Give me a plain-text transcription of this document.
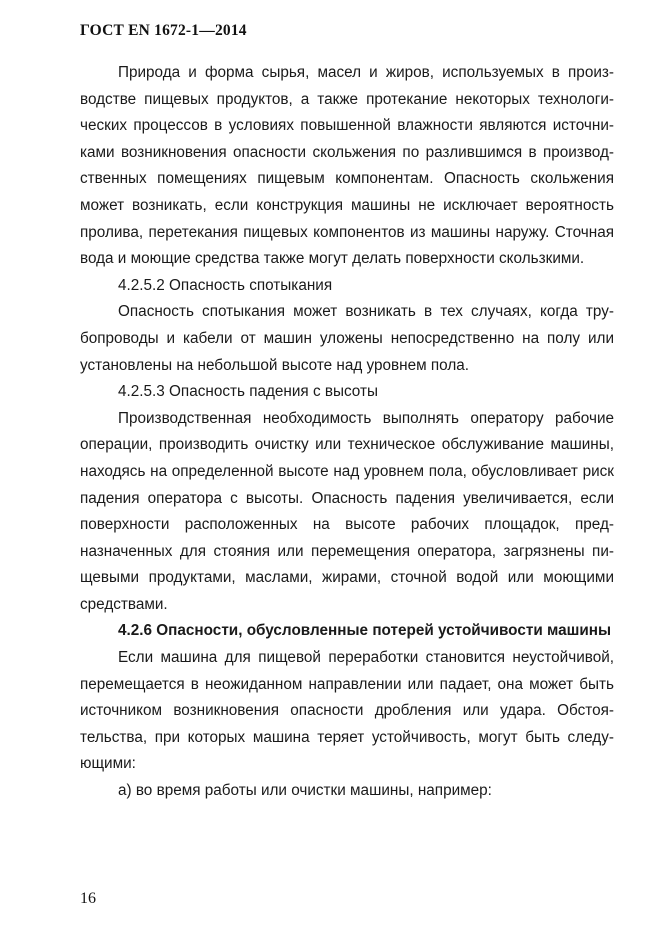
ГОСТ EN 1672-1—2014

Природа и форма сырья, масел и жиров, используемых в производстве пищевых продуктов, а также протекание некоторых технологических процессов в условиях повышенной влажности являются источниками возникновения опасности скольжения по разлившимся в производственных помещениях пищевым компонентам. Опасность скольжения может возникать, если конструкция машины не исключает вероятность пролива, перетекания пищевых компонентов из машины наружу. Сточная вода и моющие средства также могут делать поверхности скользкими.

4.2.5.2 Опасность спотыкания

Опасность спотыкания может возникать в тех случаях, когда трубопроводы и кабели от машин уложены непосредственно на полу или установлены на небольшой высоте над уровнем пола.

4.2.5.3 Опасность падения с высоты

Производственная необходимость выполнять оператору рабочие операции, производить очистку или техническое обслуживание машины, находясь на определенной высоте над уровнем пола, обусловливает риск падения оператора с высоты. Опасность падения увеличивается, если поверхности расположенных на высоте рабочих площадок, предназначенных для стояния или перемещения оператора, загрязнены пищевыми продуктами, маслами, жирами, сточной водой или моющими средствами.

4.2.6 Опасности, обусловленные потерей устойчивости машины

Если машина для пищевой переработки становится неустойчивой, перемещается в неожиданном направлении или падает, она может быть источником возникновения опасности дробления или удара. Обстоятельства, при которых машина теряет устойчивость, могут быть следующими:

а) во время работы или очистки машины, например:

16
